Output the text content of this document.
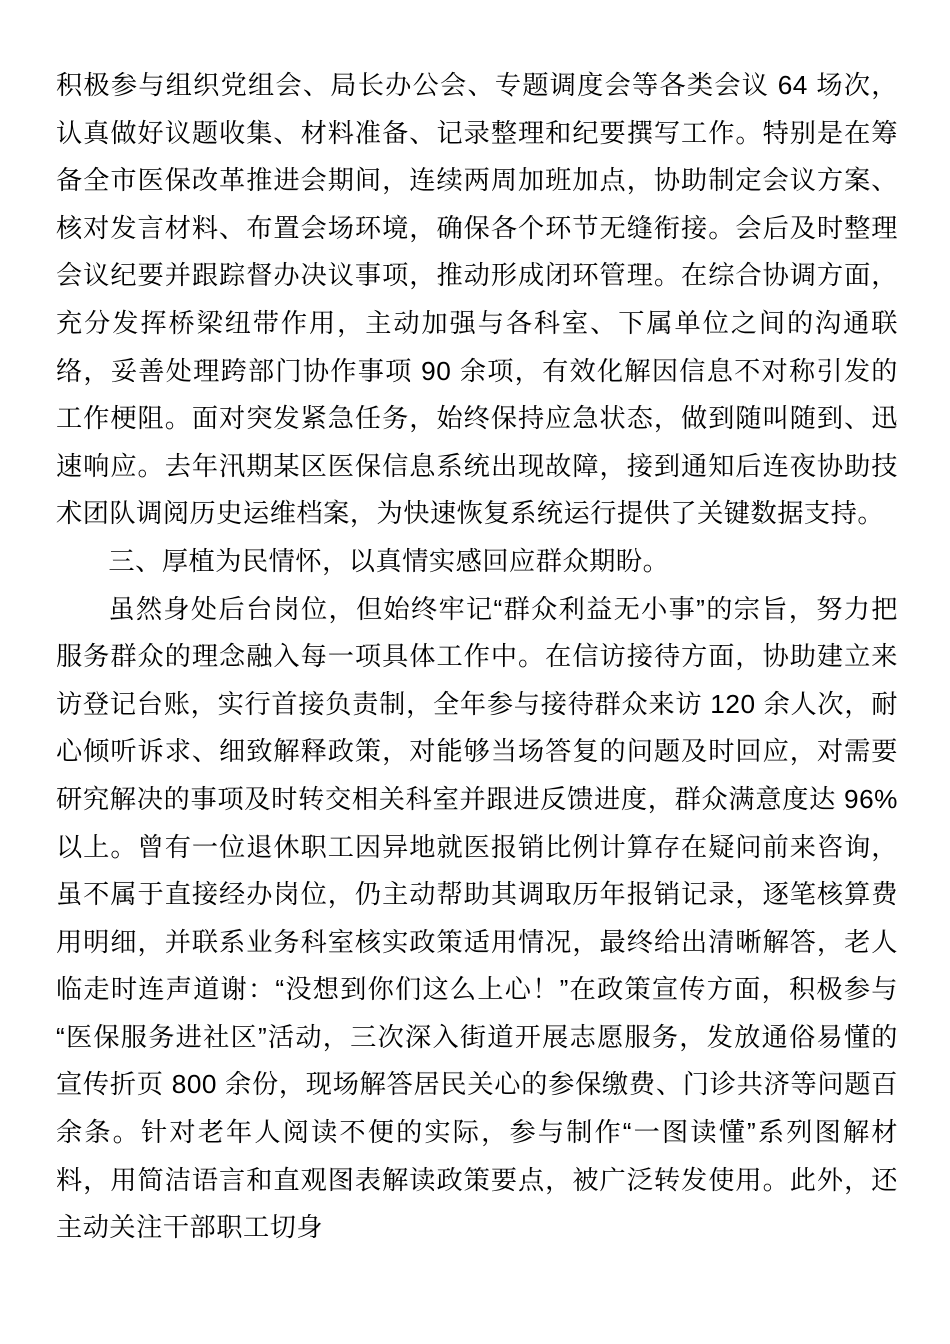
积极参与组织党组会、局长办公会、专题调度会等各类会议 64 场次，认真做好议题收集、材料准备、记录整理和纪要撰写工作。特别是在筹备全市医保改革推进会期间，连续两周加班加点，协助制定会议方案、核对发言材料、布置会场环境，确保各个环节无缝衔接。会后及时整理会议纪要并跟踪督办决议事项，推动形成闭环管理。在综合协调方面，充分发挥桥梁纽带作用，主动加强与各科室、下属单位之间的沟通联络，妥善处理跨部门协作事项 90 余项，有效化解因信息不对称引发的工作梗阻。面对突发紧急任务，始终保持应急状态，做到随叫随到、迅速响应。去年汛期某区医保信息系统出现故障，接到通知后连夜协助技术团队调阅历史运维档案，为快速恢复系统运行提供了关键数据支持。

三、厚植为民情怀，以真情实感回应群众期盼。

虽然身处后台岗位，但始终牢记“群众利益无小事”的宗旨，努力把服务群众的理念融入每一项具体工作中。在信访接待方面，协助建立来访登记台账，实行首接负责制，全年参与接待群众来访 120 余人次，耐心倾听诉求、细致解释政策，对能够当场答复的问题及时回应，对需要研究解决的事项及时转交相关科室并跟进反馈进度，群众满意度达 96%以上。曾有一位退休职工因异地就医报销比例计算存在疑问前来咨询，虽不属于直接经办岗位，仍主动帮助其调取历年报销记录，逐笔核算费用明细，并联系业务科室核实政策适用情况，最终给出清晰解答，老人临走时连声道谢：“没想到你们这么上心！”在政策宣传方面，积极参与“医保服务进社区”活动，三次深入街道开展志愿服务，发放通俗易懂的宣传折页 800 余份，现场解答居民关心的参保缴费、门诊共济等问题百余条。针对老年人阅读不便的实际，参与制作“一图读懂”系列图解材料，用简洁语言和直观图表解读政策要点，被广泛转发使用。此外，还主动关注干部职工切身
